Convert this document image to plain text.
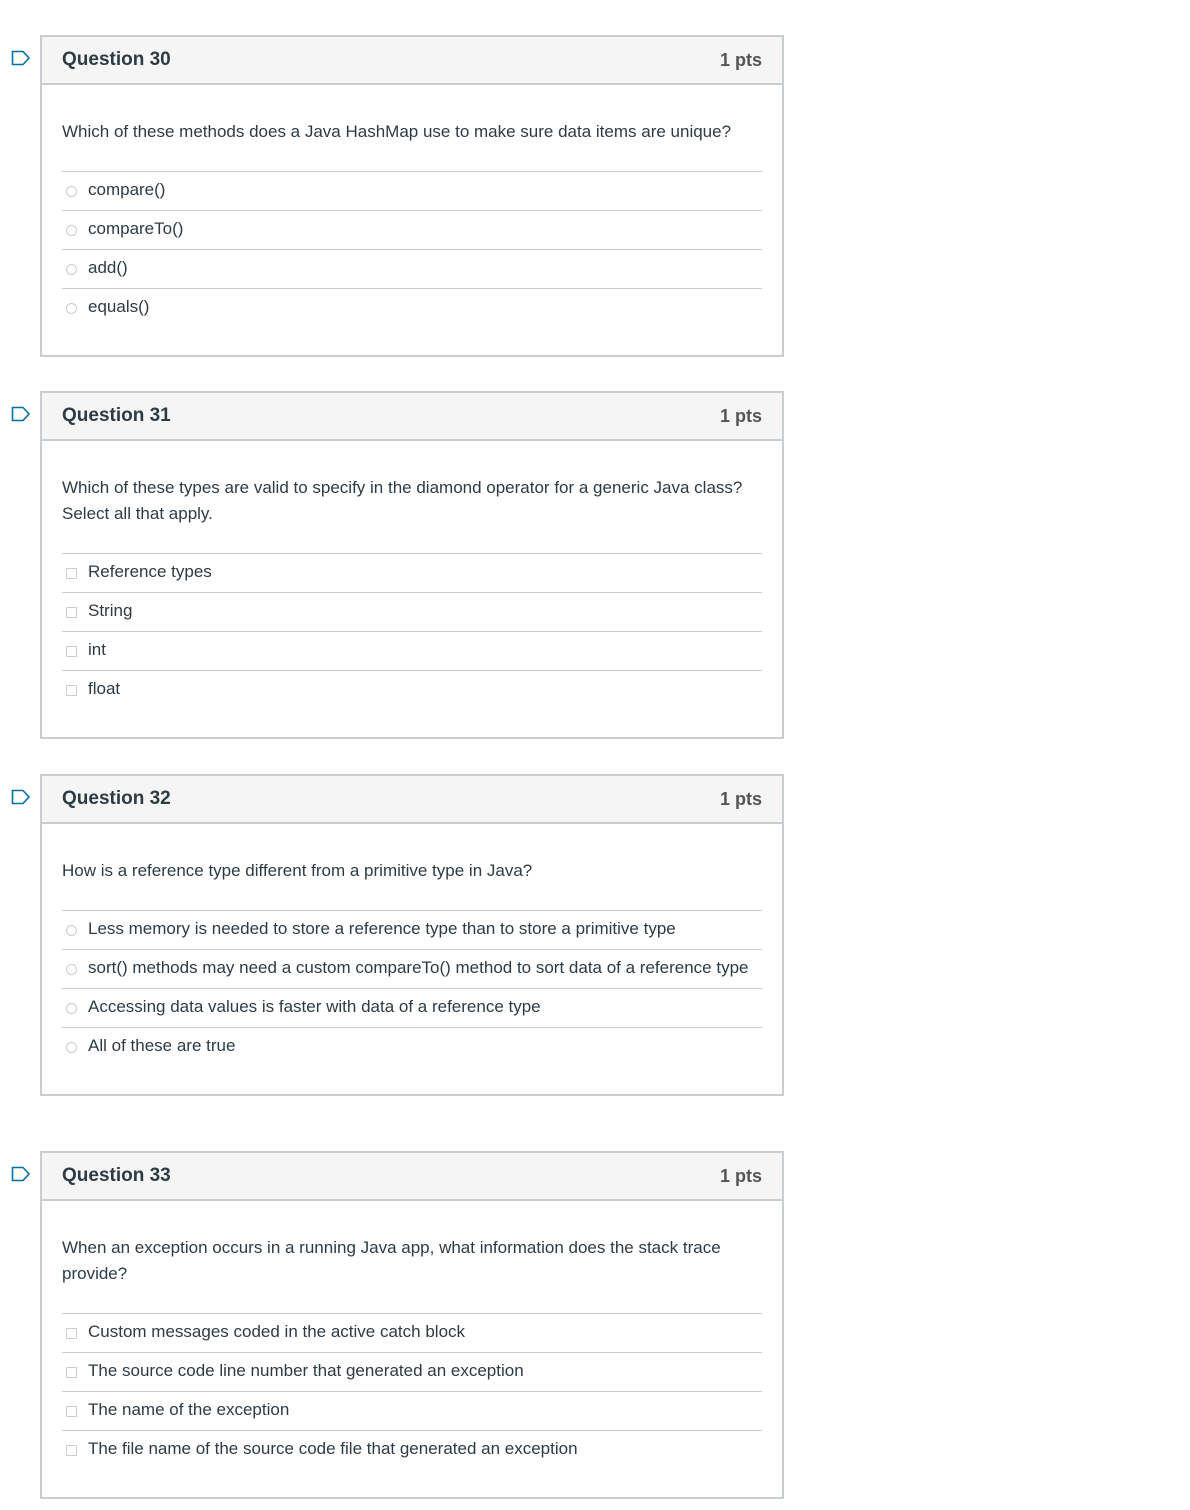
Question 30	1 pts

Which of these methods does a Java HashMap use to make sure data items are unique?

compare()
compareTo()
add()
equals()
Question 31	1 pts

Which of these types are valid to specify in the diamond operator for a generic Java class? Select all that apply.

Reference types
String
int
float
Question 32	1 pts

How is a reference type different from a primitive type in Java?

Less memory is needed to store a reference type than to store a primitive type
sort() methods may need a custom compareTo() method to sort data of a reference type
Accessing data values is faster with data of a reference type
All of these are true
Question 33	1 pts

When an exception occurs in a running Java app, what information does the stack trace provide?

Custom messages coded in the active catch block
The source code line number that generated an exception
The name of the exception
The file name of the source code file that generated an exception
